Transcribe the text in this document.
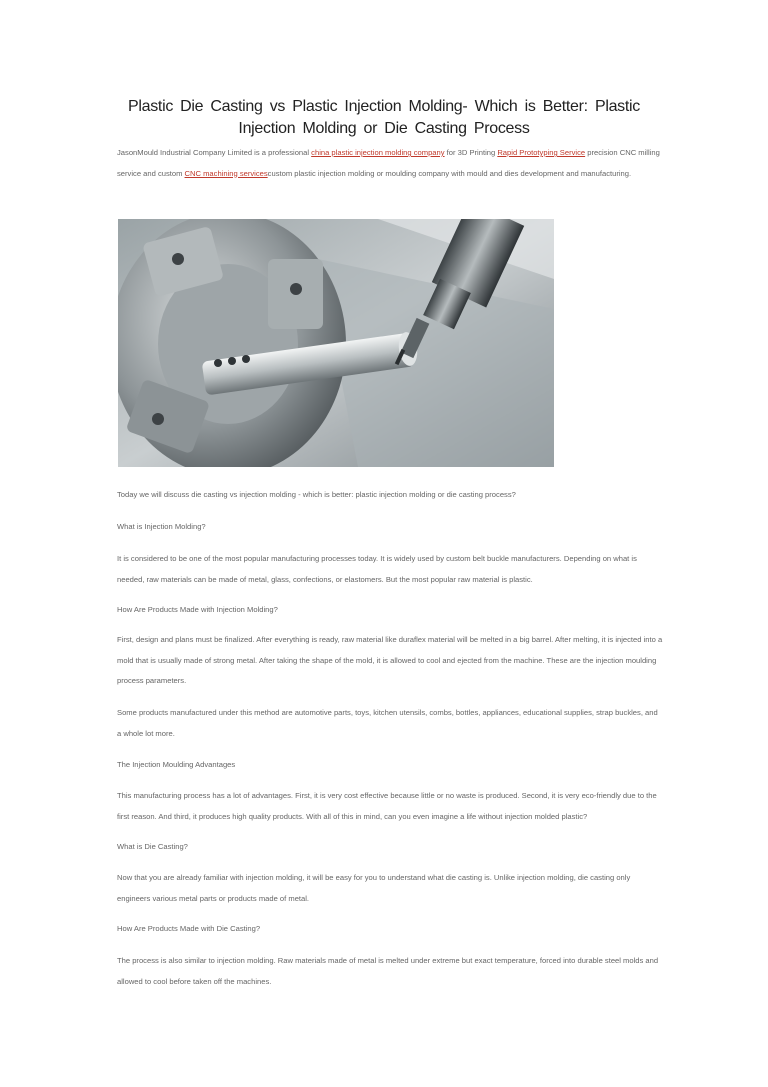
Plastic Die Casting vs Plastic Injection Molding- Which is Better: Plastic Injection Molding or Die Casting Process
JasonMould Industrial Company Limited is a professional china plastic injection molding company for 3D Printing Rapid Prototyping Service precision CNC milling service and custom CNC machining servicescustom plastic injection molding or moulding company with mould and dies development and manufacturing.
Today we will discuss die casting vs injection molding - which is better: plastic injection molding or die casting process?
What is Injection Molding?
It is considered to be one of the most popular manufacturing processes today. It is widely used by custom belt buckle manufacturers. Depending on what is needed, raw materials can be made of metal, glass, confections, or elastomers. But the most popular raw material is plastic.
How Are Products Made with Injection Molding?
First, design and plans must be finalized. After everything is ready, raw material like duraflex material will be melted in a big barrel. After melting, it is injected into a mold that is usually made of strong metal. After taking the shape of the mold, it is allowed to cool and ejected from the machine. These are the injection moulding process parameters.
Some products manufactured under this method are automotive parts, toys, kitchen utensils, combs, bottles, appliances, educational supplies, strap buckles, and a whole lot more.
The Injection Moulding Advantages
This manufacturing process has a lot of advantages. First, it is very cost effective because little or no waste is produced. Second, it is very eco-friendly due to the first reason. And third, it produces high quality products. With all of this in mind, can you even imagine a life without injection molded plastic?
What is Die Casting?
Now that you are already familiar with injection molding, it will be easy for you to understand what die casting is. Unlike injection molding, die casting only engineers various metal parts or products made of metal.
How Are Products Made with Die Casting?
The process is also similar to injection molding. Raw materials made of metal is melted under extreme but exact temperature, forced into durable steel molds and allowed to cool before taken off the machines.
